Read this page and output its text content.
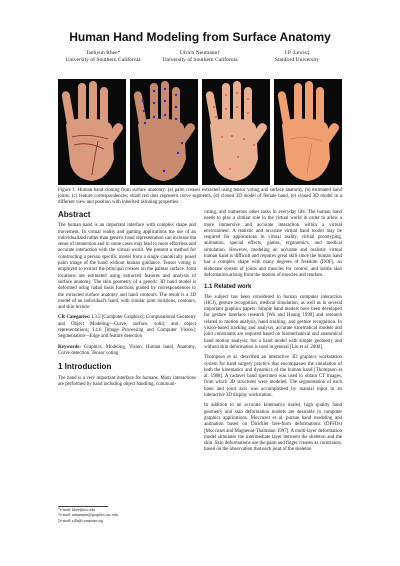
Human Hand Modeling from Surface Anatomy
Taehyun Rhee*
University of Southern California
Ulrich Neumann†
University of Southern California
J.P. Lewis‡
Stanford University
Figure 1: Human hand cloning from surface anatomy: (a) palm creases extracted using tensor voting and surface anatomy, (b) estimated hand joints, (c) feature correspondences; small red dots represent curve segments, (d) cloned 3D model of female hand, (e) cloned 3D model in a different view and position with inherited skinning properties.
Abstract

The human hand is an important interface with complex shape and movement. In virtual reality and gaming applications the use of an individualized rather than generic hand representation can increase the sense of immersion and in some cases may lead to more effortless and accurate interaction with the virtual world. We present a method for constructing a person specific model from a single canonically posed palm image of the hand without human guidance. Tensor voting is employed to extract the principal creases on the palmar surface. Joint locations are estimated using extracted features and analysis of surface anatomy. The skin geometry of a generic 3D hand model is deformed using radial basis functions guided by correspondences to the extracted surface anatomy and hand contours. The result is a 3D model of an individual's hand, with similar joint locations, contours, and skin texture.

CR Categories: I.3.5 [Computer Graphics]: Computational Geometry and Object Modeling—Curve, surface, solid, and object representations; I.4.6 [Image Processing and Computer Vision]: Segmentation—Edge and feature detection

Keywords: Graphics, Modeling, Vision, Human hand, Anatomy, Curve detection, Tensor voting

1 Introduction

The hand is a very important interface for humans. Many interactions are performed by hand including object handling, communi-

*e-mail: trhee@usc.edu
†e-mail: uneumann@graphics.usc.edu
‡e-mail: zilla@computer.org

cating, and numerous other tasks in everyday life. The human hand needs to play a similar role in the virtual world in order to allow a more immersive and accurate interaction within a virtual environment. A realistic and accurate virtual hand model may be required for applications in virtual reality, virtual prototyping, animation, special effects, games, ergonomics, and medical simulation. However, modeling an accurate and realistic virtual human hand is difficult and requires great skill since the human hand has a complex shape with many degrees of freedom (DOF), an elaborate system of joints and muscles for control, and subtle skin deformation arising from the motion of muscles and tendons.

1.1 Related work

The subject has been considered in human computer interaction (HCI), gesture recognition, medical simulation, as well as in several important graphics papers. Simple hand models have been developed for gesture interface research [Wu and Huang 1999] and research related to motion analysis, hand tracking, and gesture recognition. In vision-based tracking and analysis, accurate kinematical models and joint constraints are required based on biomechanical and anatomical hand motion analysis; but a hand model with simple geometry and without skin deformation is used in general [Lin et al. 2000].

Thompson et al. described an interactive 3D graphics workstation system for hand surgery practice that encompasses the simulation of both the kinematics and dynamics of the human hand [Thompson et al. 1988]. A cadaver hand specimen was used to obtain CT images, from which 3D structures were modeled. The segmentation of each bone and joint axis was accomplished by manual input in an interactive 3D display workstation.

In addition to an accurate kinematics model, high quality hand geometry and skin deformation models are desirable in computer graphics applications. Moccozet et al. pursue hand modeling and animation based on Dirichlet free-form deformations (DFFDs) [Moccozet and Magnenat-Thalmann 1997]. A multi-layer deformation model simulates the intermediate layer between the skeleton and the skin. Skin deformations use the palm and finger creases as constraints, based on the observation that each joint of the skeleton
